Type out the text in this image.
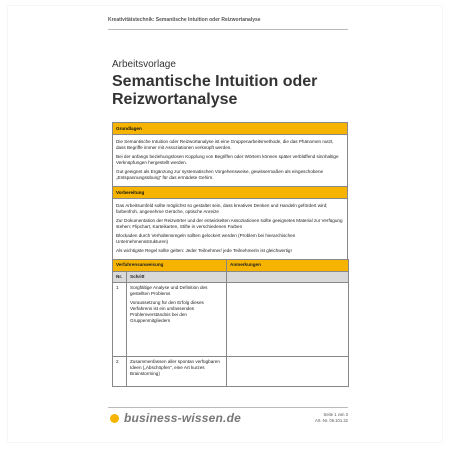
Kreativitätstechnik: Semantische Intuition oder Reizwortanalyse
Arbeitsvorlage
Semantische Intuition oder Reizwortanalyse
Grundlagen

Die Semantische Intuition oder Reizwortanalyse ist eine Gruppenarbeitsmethode, die das Phänomen nutzt, dass Begriffe immer mit Assoziationen verknüpft werden.

Bei der anfangs beziehungslosen Kopplung von Begriffen oder Wörtern können später verblüffend sinnhaltige Verknüpfungen hergestellt werden.

Gut geeignet als Ergänzung zur systematischen Vorgehensweise, gewissermaßen als eingeschobene „Entspannungsübung“ für das ermüdete Gehirn.

Vorbereitung

Das Arbeitsumfeld sollte möglichst so gestaltet sein, dass kreatives Denken und Handeln gefördert wird; farbenfroh, angenehme Gerüche, optische Anreize

Zur Dokumentation der Reizwörter und der entwickelten Assoziationen sollte geeignetes Material zur Verfügung stehen: Flipchart, Karteikarten, Stifte in verschiedenen Farben

Blockaden durch Verhaltensregeln sollten gelockert werden (Problem bei hierarchischen Unternehmensstrukturen)

Als wichtigste Regel sollte gelten: Jeder Teilnehmer/ jede Teilnehmerin ist gleichwertig!

Verfahrensanweisung		Anmerkungen
Nr.	Schritt	
1	Sorgfältige Analyse und Definition des gestellten Problems

Voraussetzung für den Erfolg dieses Verfahrens ist ein umfassendes Problemverständnis bei den Gruppenmitgliedern	

2	Zusammenfassen aller spontan verfügbaren Ideen („Abschöpfen“, eine Art kurzes Brainstorming)	

business-wissen.de	Seite 1 von 3
Art.-Nr. 06.101.22
